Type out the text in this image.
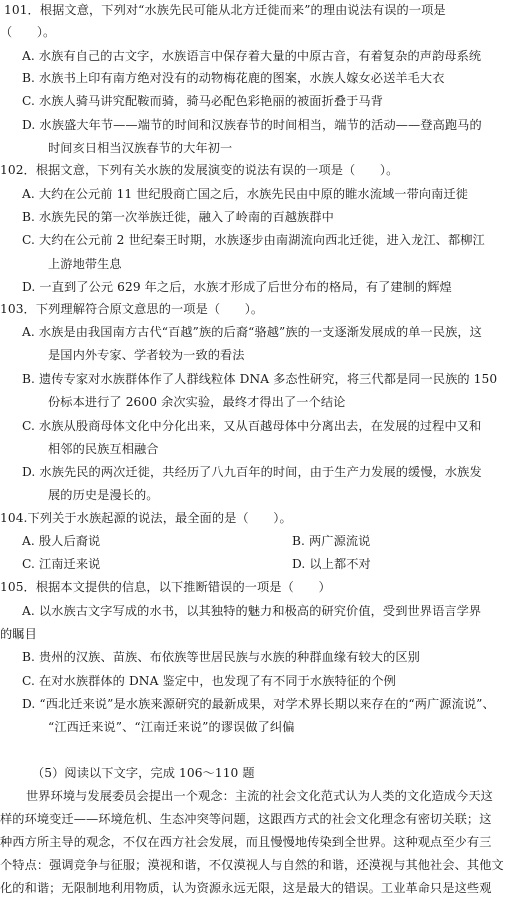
101．根据文意，下列对“水族先民可能从北方迁徙而来”的理由说法有误的一项是
（　　）。
A. 水族有自己的古文字，水族语言中保存着大量的中原古音，有着复杂的声韵母系统
B. 水族书上印有南方绝对没有的动物梅花鹿的图案，水族人嫁女必送羊毛大衣
C. 水族人骑马讲究配鞍而骑，骑马必配色彩艳丽的被面折叠于马背
D. 水族盛大年节——端节的时间和汉族春节的时间相当，端节的活动——登高跑马的
时间亥日相当汉族春节的大年初一
102．根据文意，下列有关水族的发展演变的说法有误的一项是（　　）。
A. 大约在公元前 11 世纪殷商亡国之后，水族先民由中原的睢水流域一带向南迁徙
B. 水族先民的第一次举族迁徙，融入了岭南的百越族群中
C. 大约在公元前 2 世纪秦王时期，水族逐步由南湖流向西北迁徙，进入龙江、都柳江
上游地带生息
D. 一直到了公元 629 年之后，水族才形成了后世分布的格局，有了建制的辉煌
103．下列理解符合原文意思的一项是（　　）。
A. 水族是由我国南方古代“百越”族的后裔“骆越”族的一支逐渐发展成的单一民族，这
是国内外专家、学者较为一致的看法
B. 遗传专家对水族群体作了人群线粒体 DNA 多态性研究，将三代都是同一民族的 150
份标本进行了 2600 余次实验，最终才得出了一个结论
C. 水族从殷商母体文化中分化出来，又从百越母体中分离出去，在发展的过程中又和
相邻的民族互相融合
D. 水族先民的两次迁徙，共经历了八九百年的时间，由于生产力发展的缓慢，水族发
展的历史是漫长的。
104.下列关于水族起源的说法，最全面的是（　　）。
A. 殷人后裔说	B. 两广源流说
C. 江南迁来说	D. 以上都不对
105．根据本文提供的信息，以下推断错误的一项是（　　）
A. 以水族古文字写成的水书，以其独特的魅力和极高的研究价值，受到世界语言学界
的瞩目
B. 贵州的汉族、苗族、布依族等世居民族与水族的种群血缘有较大的区别
C. 在对水族群体的 DNA 鉴定中，也发现了有不同于水族特征的个例
D. “西北迁来说”是水族来源研究的最新成果，对学术界长期以来存在的“两广源流说”、
“江西迁来说”、“江南迁来说”的谬误做了纠偏
（5）阅读以下文字，完成 106～110 题
世界环境与发展委员会提出一个观念：主流的社会文化范式认为人类的文化造成今天这
样的环境变迁——环境危机、生态冲突等问题，这跟西方式的社会文化理念有密切关联；这
种西方所主导的观念，不仅在西方社会发展，而且慢慢地传染到全世界。这种观点至少有三
个特点：强调竞争与征服；漠视和谐，不仅漠视人与自然的和谐，还漠视与其他社会、其他文
化的和谐；无限制地利用物质，认为资源永远无限，这是最大的错误。工业革命只是这些观
